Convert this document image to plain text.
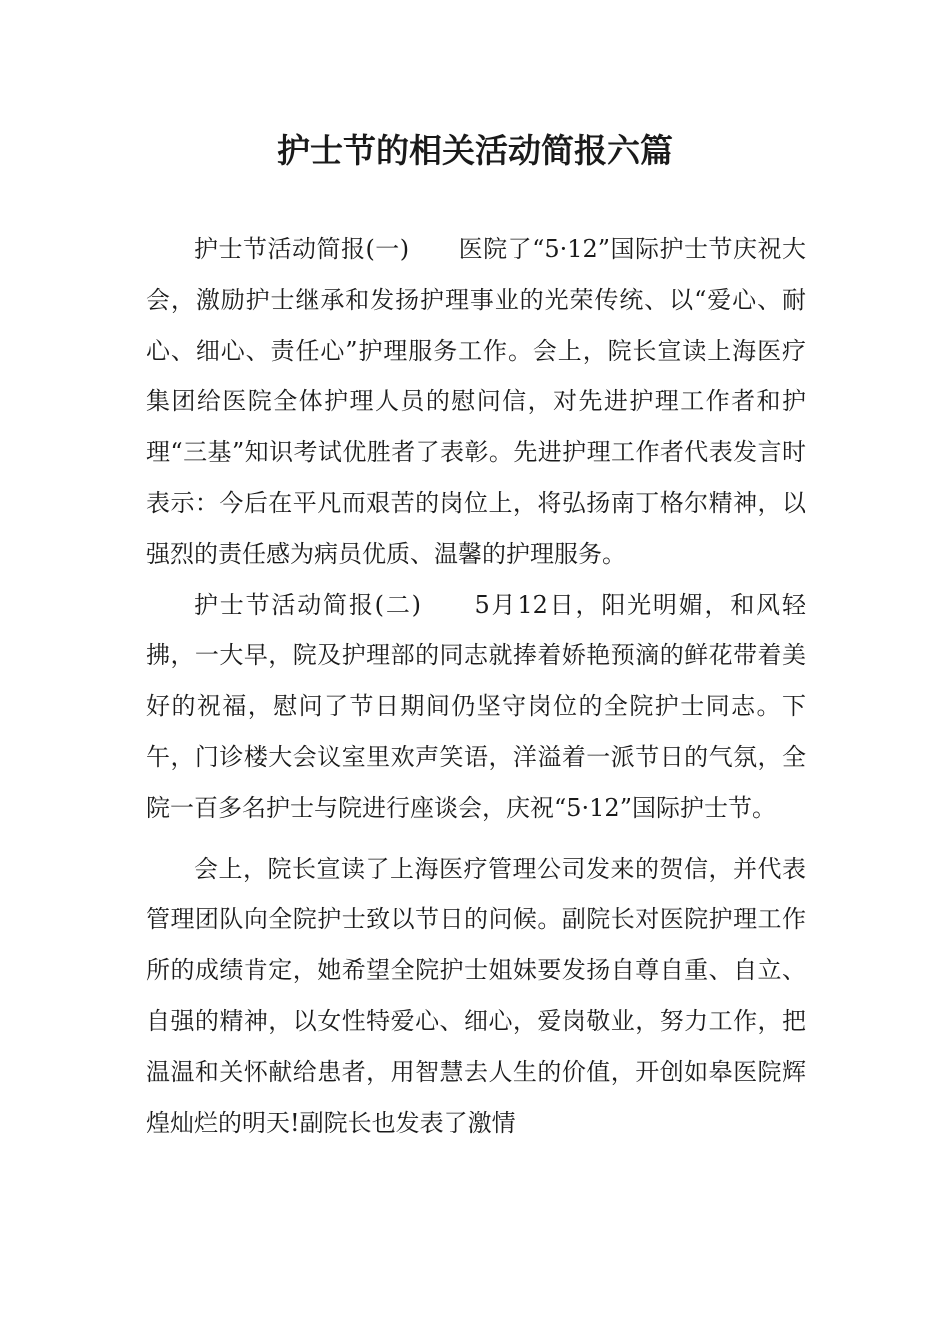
护士节的相关活动简报六篇

护士节活动简报(一)　　医院了“5·12”国际护士节庆祝大会，激励护士继承和发扬护理事业的光荣传统、以“爱心、耐心、细心、责任心”护理服务工作。会上，院长宣读上海医疗集团给医院全体护理人员的慰问信，对先进护理工作者和护理“三基”知识考试优胜者了表彰。先进护理工作者代表发言时表示：今后在平凡而艰苦的岗位上，将弘扬南丁格尔精神，以强烈的责任感为病员优质、温馨的护理服务。

护士节活动简报(二)　　5月12日，阳光明媚，和风轻拂，一大早，院及护理部的同志就捧着娇艳预滴的鲜花带着美好的祝福，慰问了节日期间仍坚守岗位的全院护士同志。下午，门诊楼大会议室里欢声笑语，洋溢着一派节日的气氛，全院一百多名护士与院进行座谈会，庆祝“5·12”国际护士节。

会上，院长宣读了上海医疗管理公司发来的贺信，并代表管理团队向全院护士致以节日的问候。副院长对医院护理工作所的成绩肯定，她希望全院护士姐妹要发扬自尊自重、自立、自强的精神，以女性特爱心、细心，爱岗敬业，努力工作，把温温和关怀献给患者，用智慧去人生的价值，开创如皋医院辉煌灿烂的明天!副院长也发表了激情
